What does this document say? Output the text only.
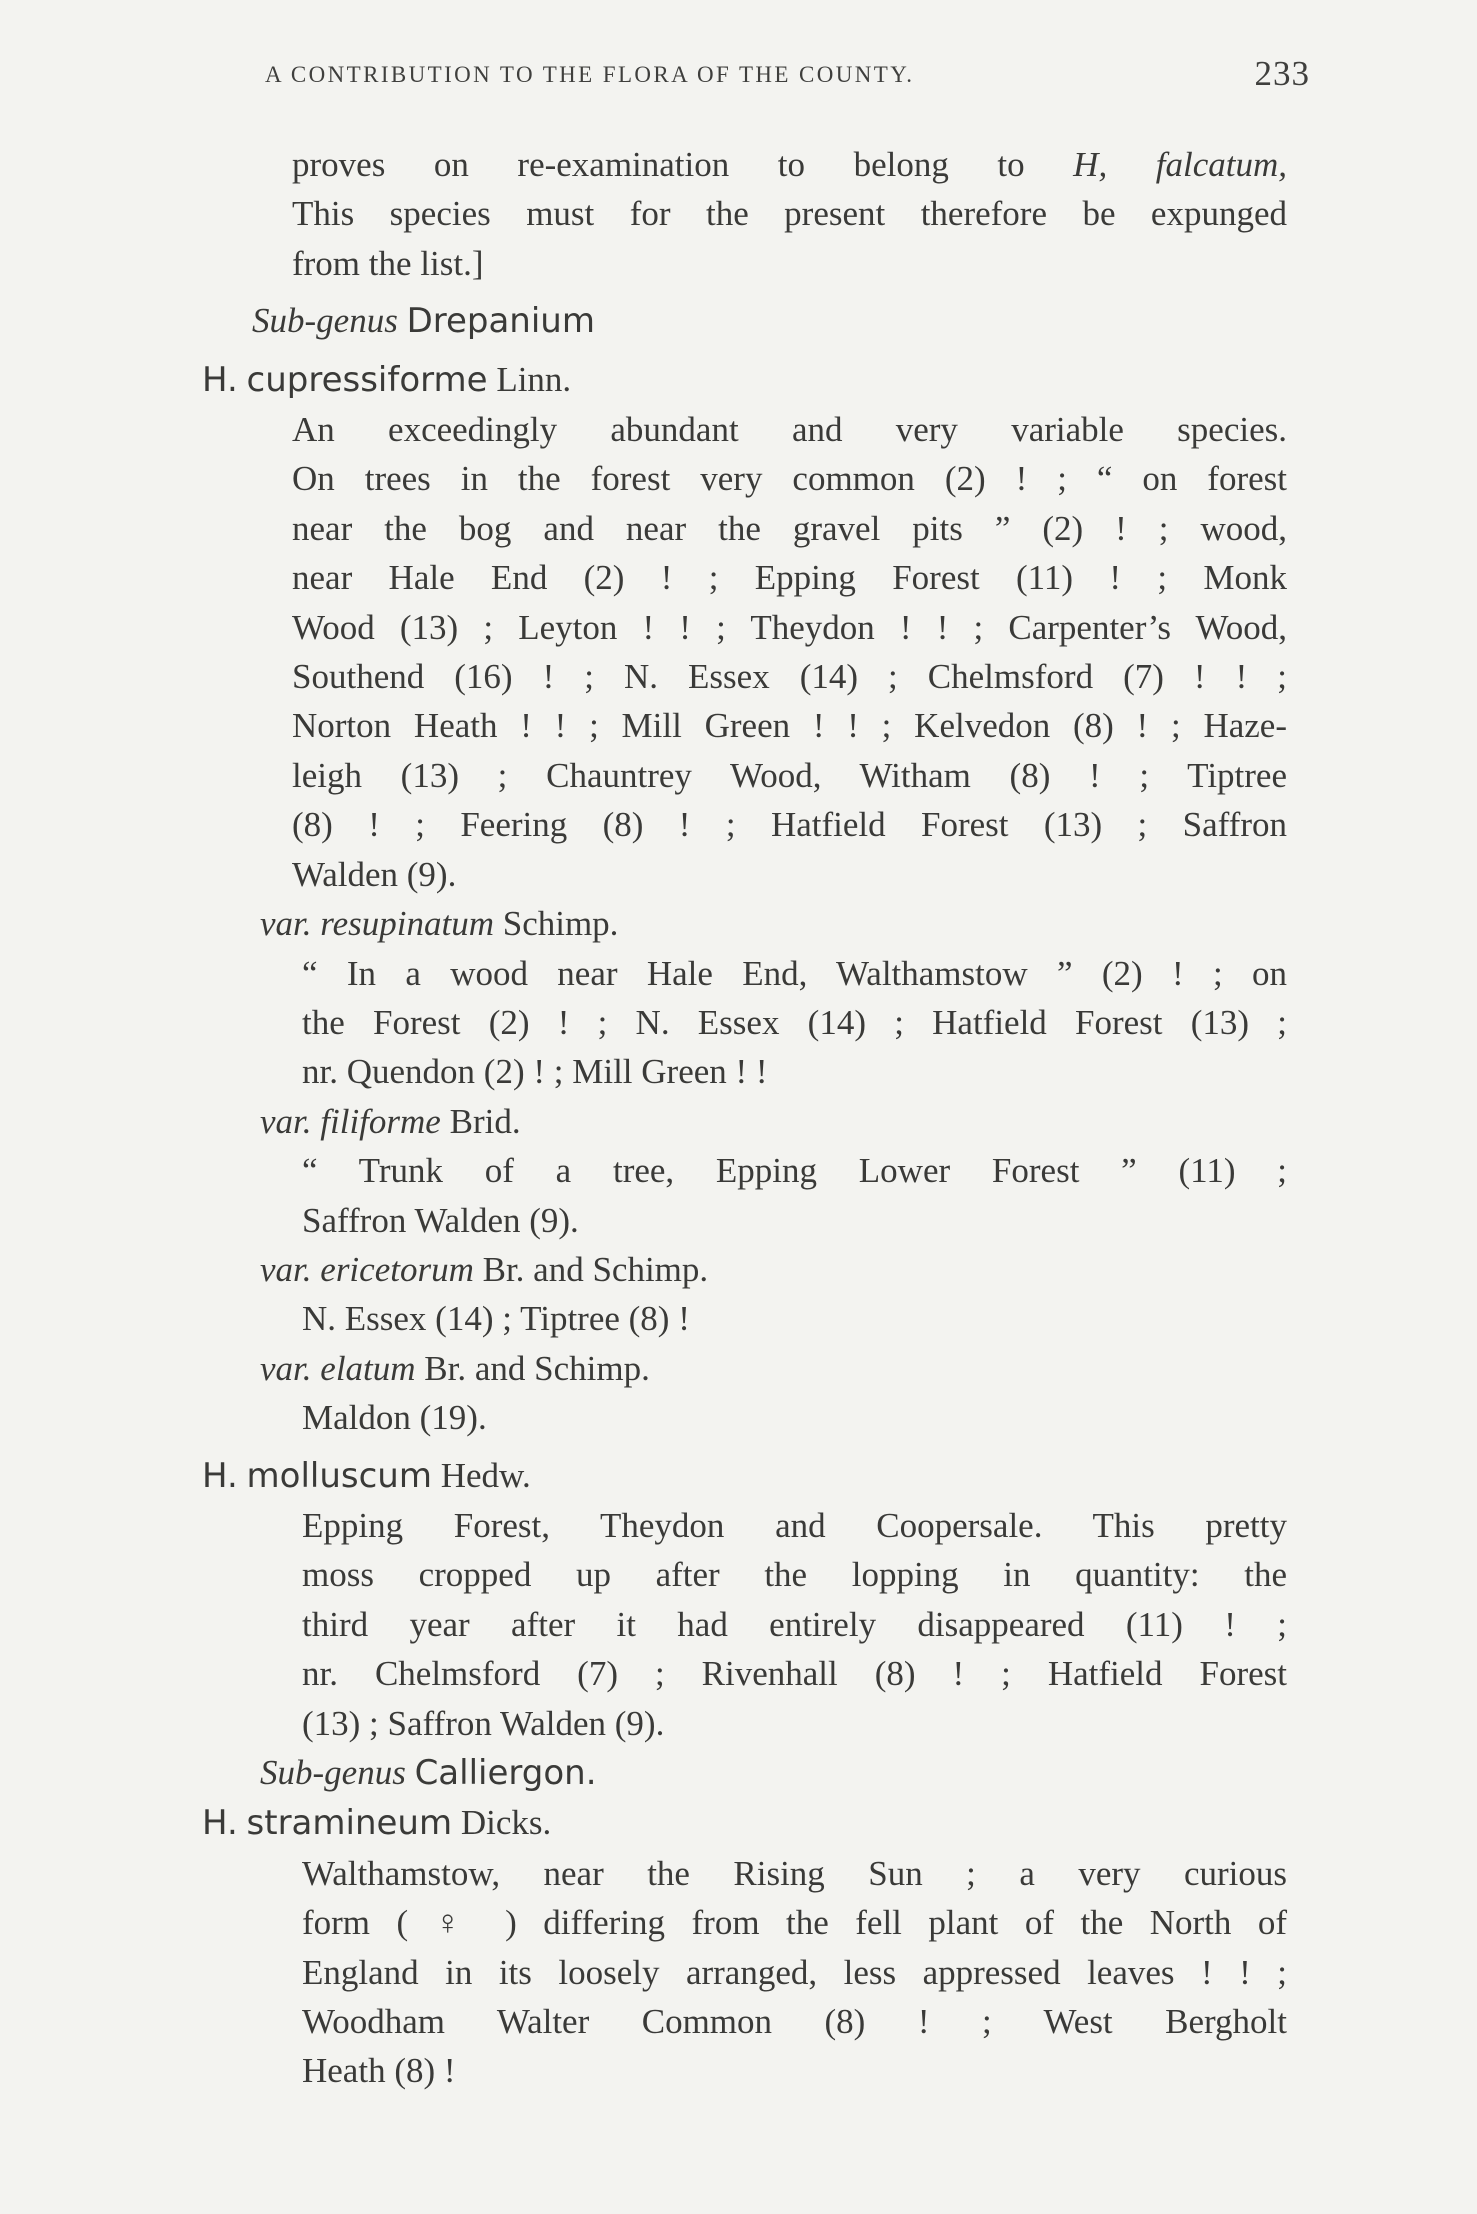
A CONTRIBUTION TO THE FLORA OF THE COUNTY.	233

proves on re-examination to belong to H, falcatum,

This species must for the present therefore be expunged

from the list.]

Sub-genus Drepanium

H. cupressiforme Linn.

An exceedingly abundant and very variable species.

On trees in the forest very common (2) ! ; “ on forest

near the bog and near the gravel pits ” (2) ! ; wood,

near Hale End (2) ! ; Epping Forest (11) ! ; Monk

Wood (13) ; Leyton ! ! ; Theydon ! ! ; Carpenter’s Wood,

Southend (16) ! ; N. Essex (14) ; Chelmsford (7) ! ! ;

Norton Heath ! ! ; Mill Green ! ! ; Kelvedon (8) ! ; Haze-

leigh (13) ; Chauntrey Wood, Witham (8) ! ; Tiptree

(8) ! ; Feering (8) ! ; Hatfield Forest (13) ; Saffron

Walden (9).

var. resupinatum Schimp.

“ In a wood near Hale End, Walthamstow ” (2) ! ; on

the Forest (2) ! ; N. Essex (14) ; Hatfield Forest (13) ;

nr. Quendon (2) ! ; Mill Green ! !

var. filiforme Brid.

“ Trunk of a tree, Epping Lower Forest ” (11) ;

Saffron Walden (9).

var. ericetorum Br. and Schimp.

N. Essex (14) ; Tiptree (8) !

var. elatum Br. and Schimp.

Maldon (19).

H. molluscum Hedw.

Epping Forest, Theydon and Coopersale. This pretty

moss cropped up after the lopping in quantity: the

third year after it had entirely disappeared (11) ! ;

nr. Chelmsford (7) ; Rivenhall (8) ! ; Hatfield Forest

(13) ; Saffron Walden (9).

Sub-genus Calliergon.

H. stramineum Dicks.

Walthamstow, near the Rising Sun ; a very curious

form ( ♀ ) differing from the fell plant of the North of

England in its loosely arranged, less appressed leaves ! ! ;

Woodham Walter Common (8) ! ; West Bergholt

Heath (8) !
